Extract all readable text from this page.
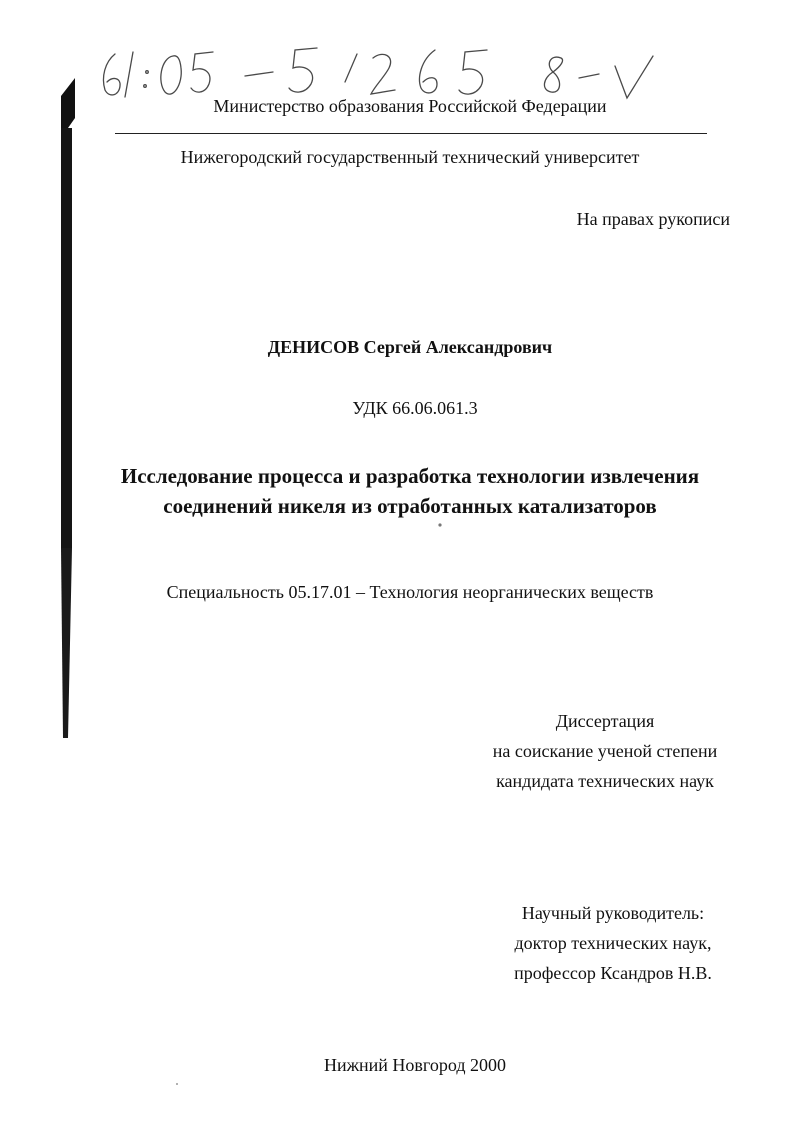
Министерство образования Российской Федерации
Нижегородский государственный технический университет
На правах рукописи
ДЕНИСОВ Сергей Александрович
УДК 66.06.061.3
Исследование процесса и разработка технологии извлечения
соединений никеля из отработанных катализаторов
Специальность 05.17.01 – Технология неорганических веществ
Диссертация
на соискание ученой степени
кандидата технических наук
Научный руководитель:
доктор технических наук,
профессор Ксандров Н.В.
Нижний Новгород 2000
